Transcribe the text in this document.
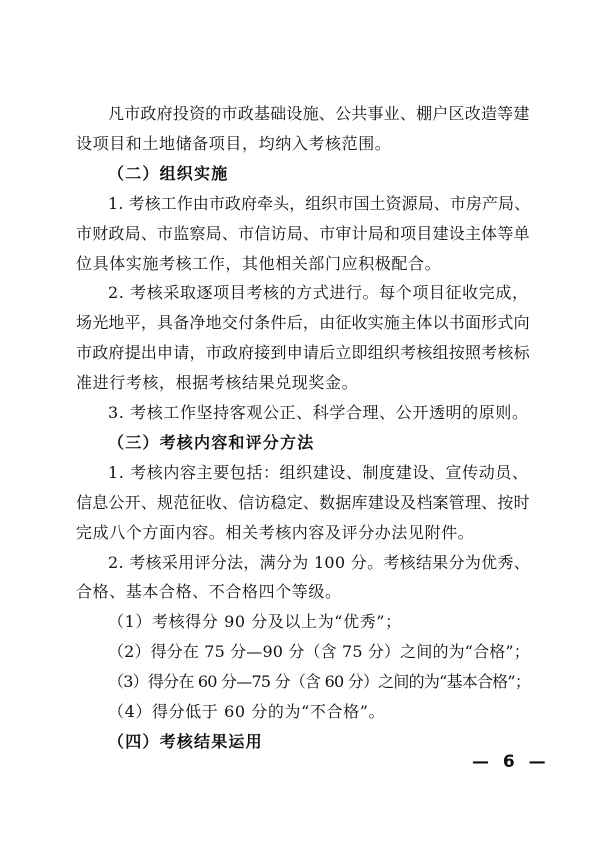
凡市政府投资的市政基础设施、公共事业、棚户区改造等建
设项目和土地储备项目，均纳入考核范围。
（二）组织实施
1. 考核工作由市政府牵头，组织市国土资源局、市房产局、
市财政局、市监察局、市信访局、市审计局和项目建设主体等单
位具体实施考核工作，其他相关部门应积极配合。
2. 考核采取逐项目考核的方式进行。每个项目征收完成，
场光地平，具备净地交付条件后，由征收实施主体以书面形式向
市政府提出申请，市政府接到申请后立即组织考核组按照考核标
准进行考核，根据考核结果兑现奖金。
3. 考核工作坚持客观公正、科学合理、公开透明的原则。
（三）考核内容和评分方法
1. 考核内容主要包括：组织建设、制度建设、宣传动员、
信息公开、规范征收、信访稳定、数据库建设及档案管理、按时
完成八个方面内容。相关考核内容及评分办法见附件。
2. 考核采用评分法，满分为 100 分。考核结果分为优秀、
合格、基本合格、不合格四个等级。
（1）考核得分 90 分及以上为“优秀”；
（2）得分在 75 分—90 分（含 75 分）之间的为“合格”；
（3）得分在 60 分—75 分（含 60 分）之间的为“基本合格”；
（4）得分低于 60 分的为“不合格”。
（四）考核结果运用
— 6 —
